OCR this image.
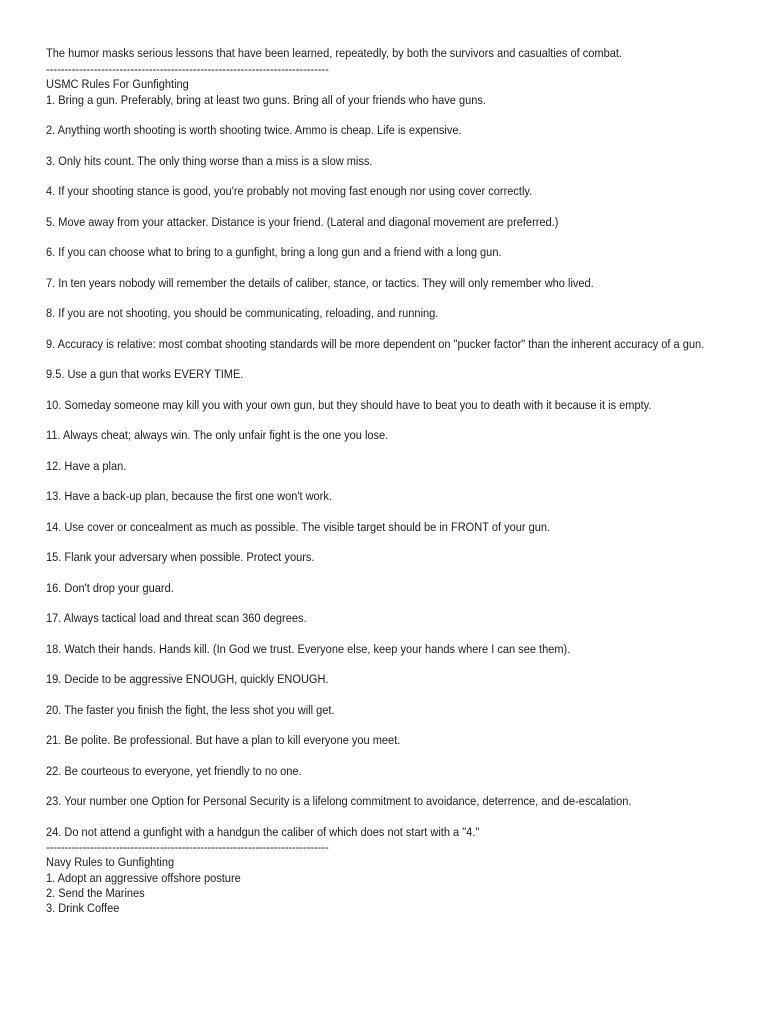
The humor masks serious lessons that have been learned, repeatedly, by both the survivors and casualties of combat.

-----------------------------------------------------------------------------

USMC Rules For Gunfighting

1. Bring a gun. Preferably, bring at least two guns. Bring all of your friends who have guns.

2. Anything worth shooting is worth shooting twice. Ammo is cheap. Life is expensive.

3. Only hits count. The only thing worse than a miss is a slow miss.

4. If your shooting stance is good, you're probably not moving fast enough nor using cover correctly.

5. Move away from your attacker. Distance is your friend. (Lateral and diagonal movement are preferred.)

6. If you can choose what to bring to a gunfight, bring a long gun and a friend with a long gun.

7. In ten years nobody will remember the details of caliber, stance, or tactics. They will only remember who lived.

8. If you are not shooting, you should be communicating, reloading, and running.

9. Accuracy is relative: most combat shooting standards will be more dependent on "pucker factor" than the inherent accuracy of a gun.

9.5. Use a gun that works EVERY TIME.

10. Someday someone may kill you with your own gun, but they should have to beat you to death with it because it is empty.

11. Always cheat; always win. The only unfair fight is the one you lose.

12. Have a plan.

13. Have a back-up plan, because the first one won't work.

14. Use cover or concealment as much as possible. The visible target should be in FRONT of your gun.

15. Flank your adversary when possible. Protect yours.

16. Don't drop your guard.

17. Always tactical load and threat scan 360 degrees.

18. Watch their hands. Hands kill. (In God we trust. Everyone else, keep your hands where I can see them).

19. Decide to be aggressive ENOUGH, quickly ENOUGH.

20. The faster you finish the fight, the less shot you will get.

21. Be polite. Be professional. But have a plan to kill everyone you meet.

22. Be courteous to everyone, yet friendly to no one.

23. Your number one Option for Personal Security is a lifelong commitment to avoidance, deterrence, and de-escalation.

24. Do not attend a gunfight with a handgun the caliber of which does not start with a "4."

-----------------------------------------------------------------------------

Navy Rules to Gunfighting

1. Adopt an aggressive offshore posture

2. Send the Marines

3. Drink Coffee
